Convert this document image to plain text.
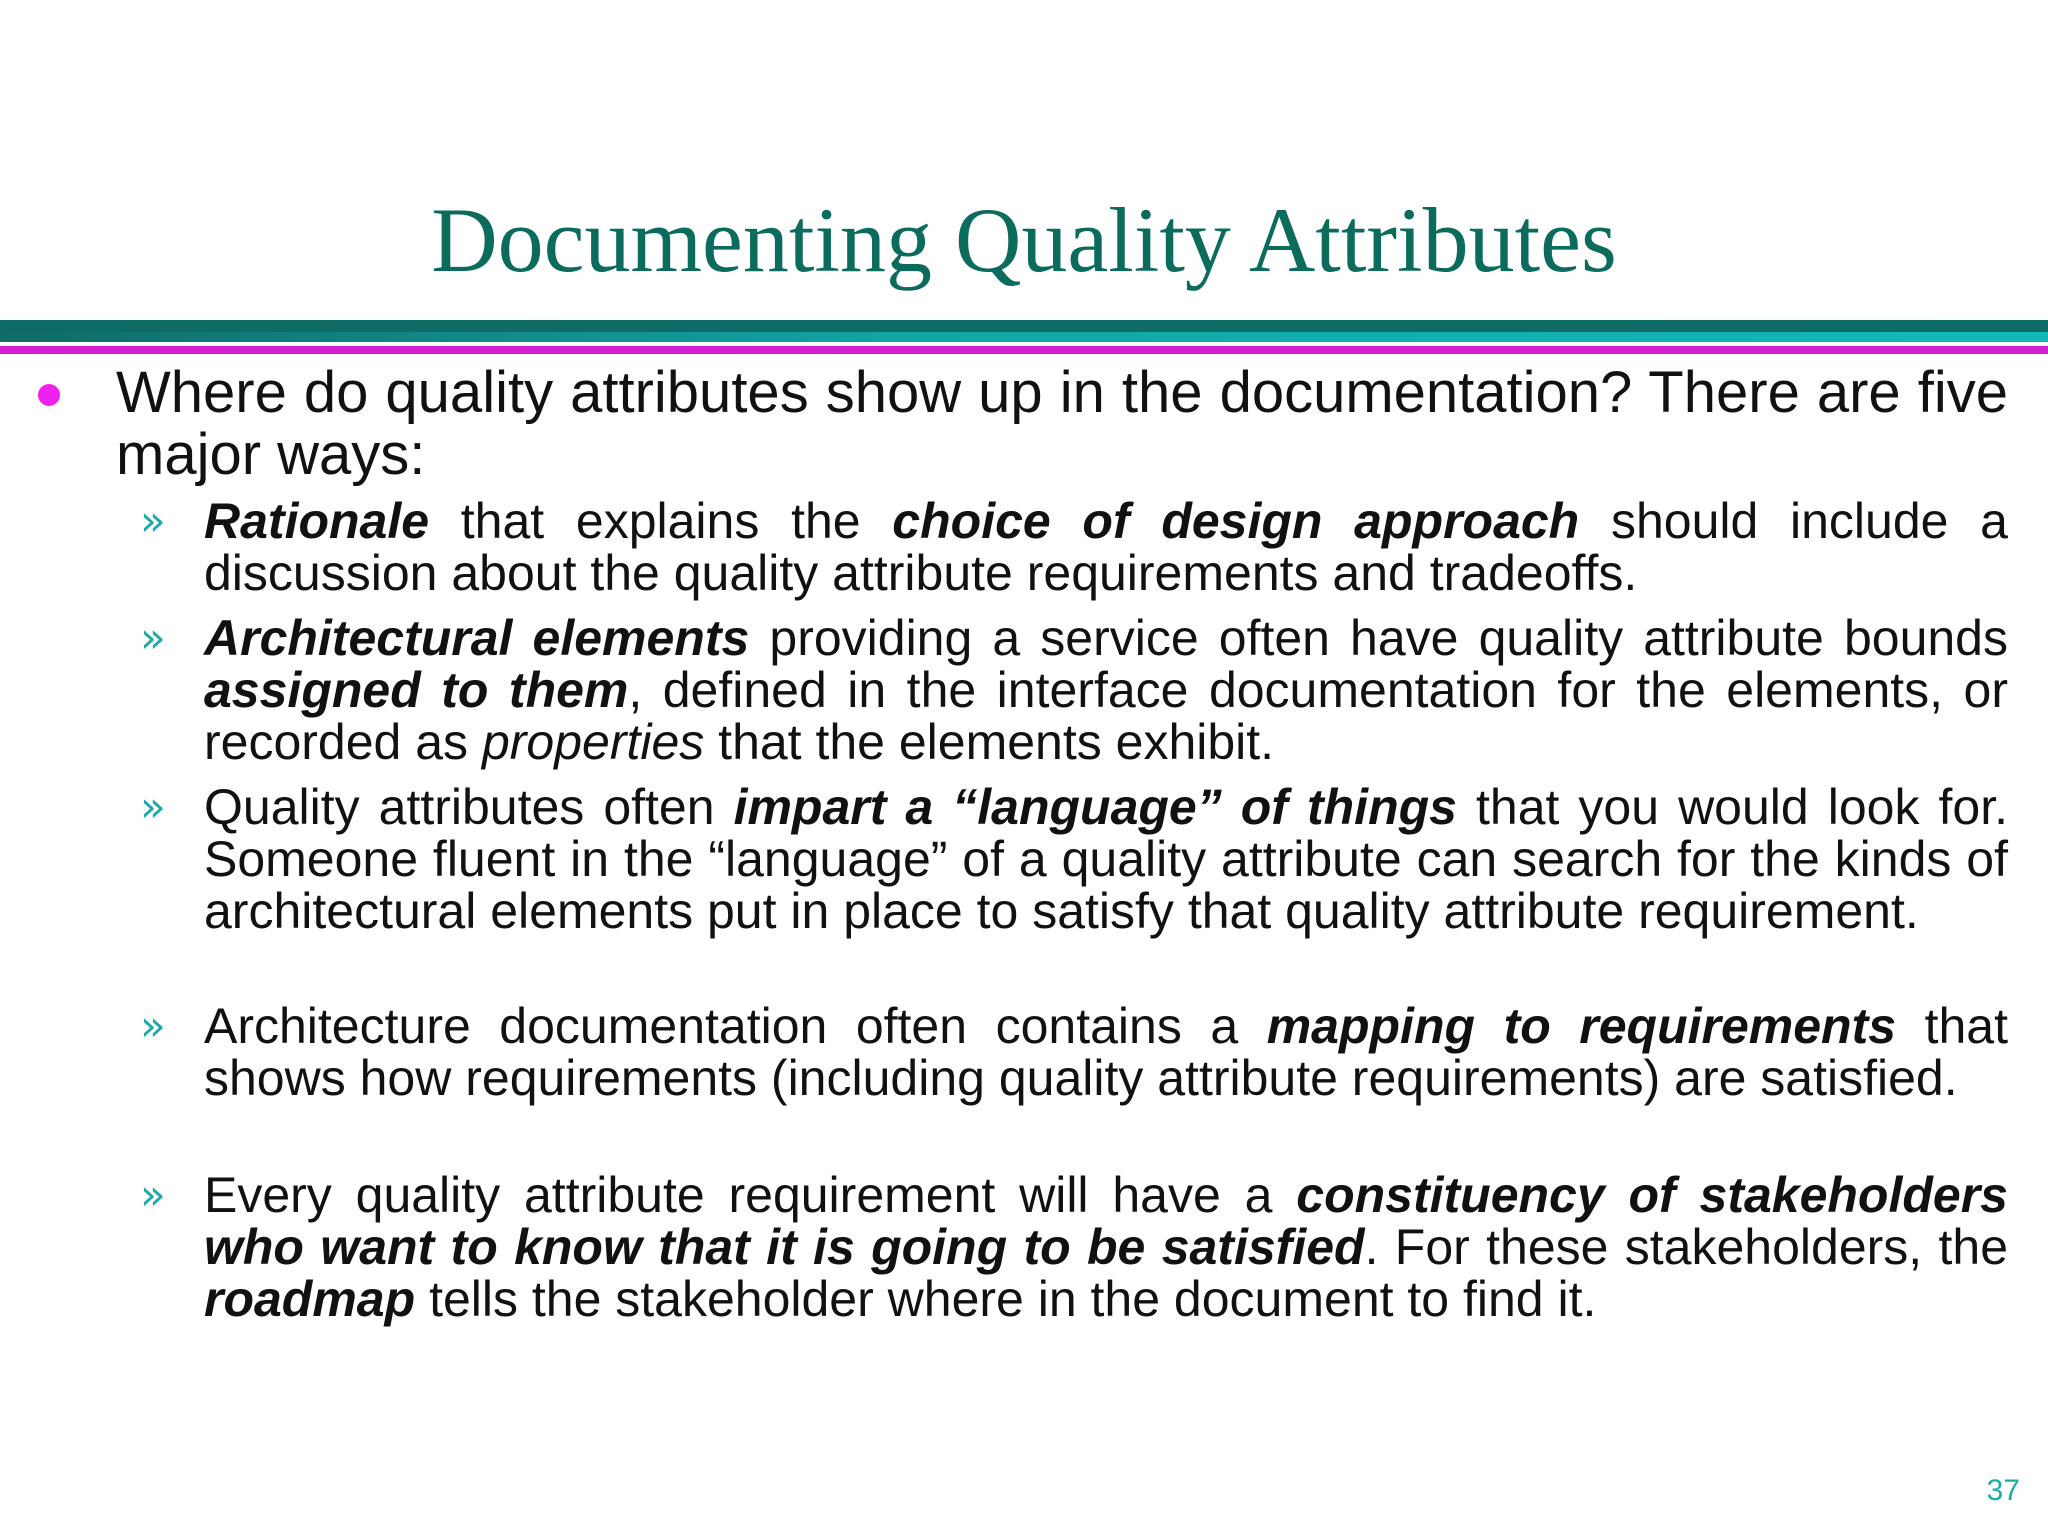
Documenting Quality Attributes
Where do quality attributes show up in the documentation? There are five major ways:
» Rationale that explains the choice of design approach should include a discussion about the quality attribute requirements and tradeoffs.
» Architectural elements providing a service often have quality attribute bounds assigned to them, defined in the interface documentation for the elements, or recorded as properties that the elements exhibit.
» Quality attributes often impart a “language” of things that you would look for. Someone fluent in the “language” of a quality attribute can search for the kinds of architectural elements put in place to satisfy that quality attribute requirement.
» Architecture documentation often contains a mapping to requirements that shows how requirements (including quality attribute requirements) are satisfied.
» Every quality attribute requirement will have a constituency of stakeholders who want to know that it is going to be satisfied. For these stakeholders, the roadmap tells the stakeholder where in the document to find it.
37
